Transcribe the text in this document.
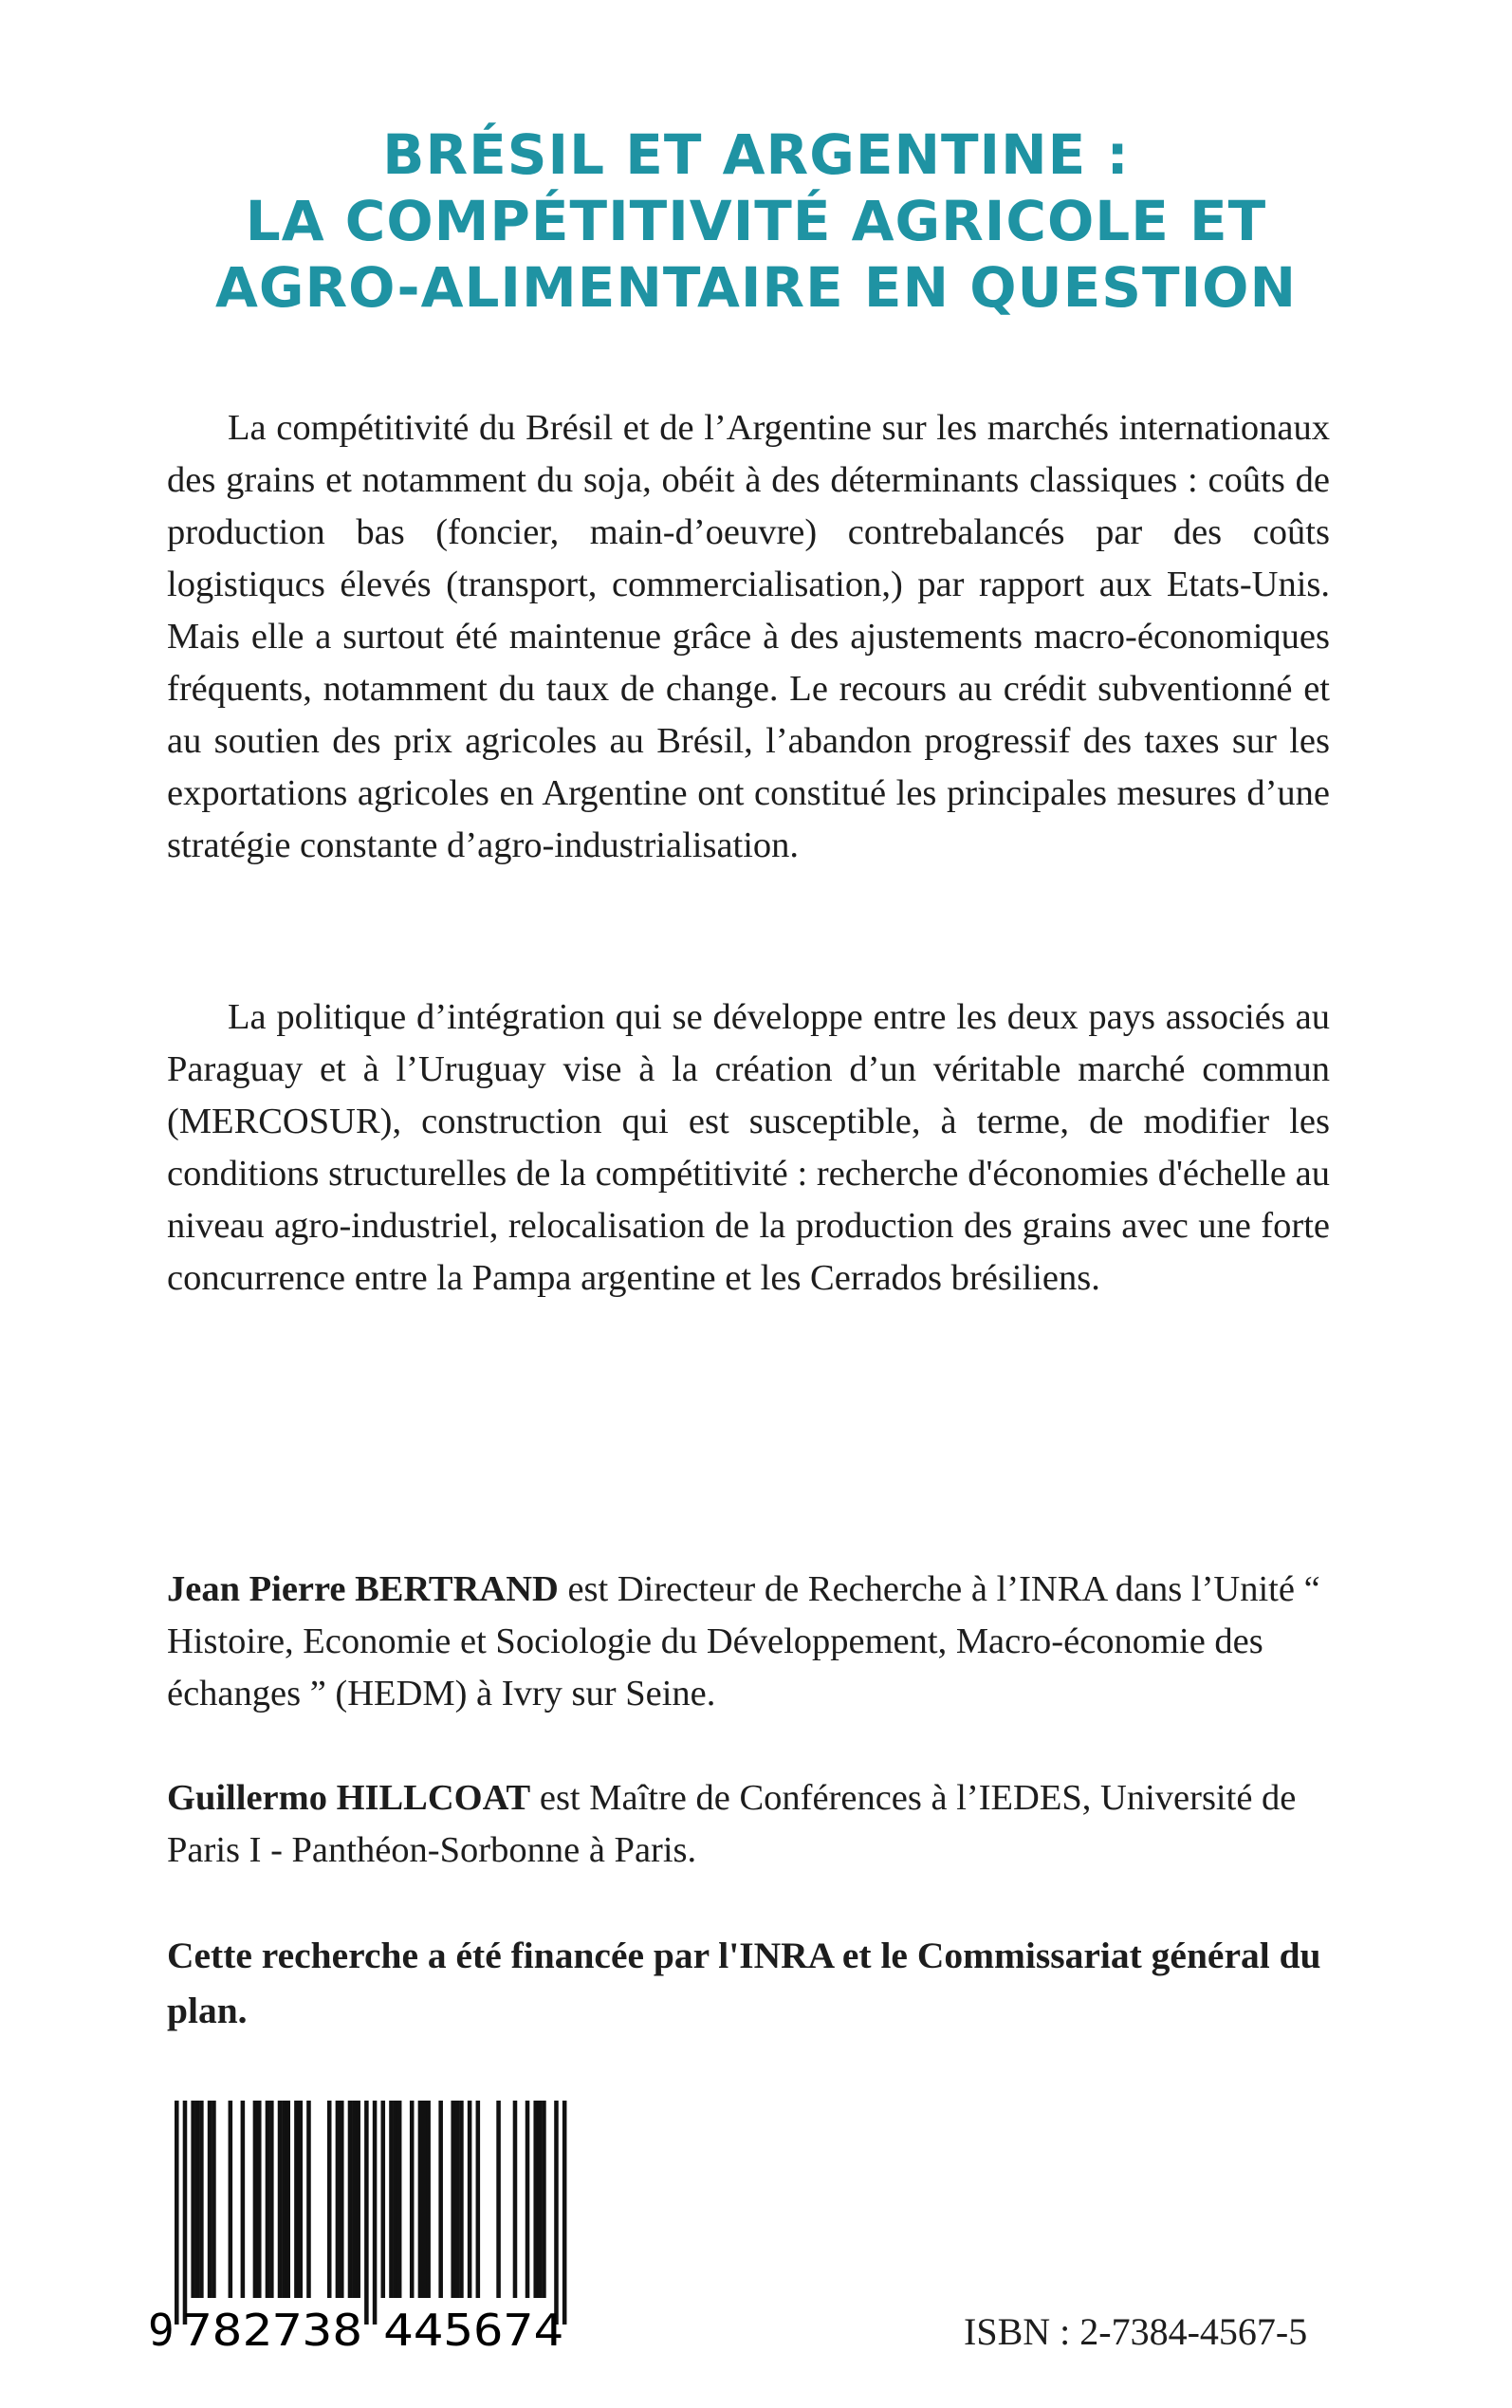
BRÉSIL ET ARGENTINE :
LA COMPÉTITIVITÉ AGRICOLE ET
AGRO-ALIMENTAIRE EN QUESTION

La compétitivité du Brésil et de l’Argentine sur les marchés internationaux des grains et notamment du soja, obéit à des déterminants classiques : coûts de production bas (foncier, main-d’oeuvre) contrebalancés par des coûts logistiqucs élevés (transport, commercialisation,) par rapport aux Etats-Unis. Mais elle a surtout été maintenue grâce à des ajustements macro-économiques fréquents, notamment du taux de change. Le recours au crédit subventionné et au soutien des prix agricoles au Brésil, l’abandon progressif des taxes sur les exportations agricoles en Argentine ont constitué les principales mesures d’une stratégie constante d’agro-industrialisation.

La politique d’intégration qui se développe entre les deux pays associés au Paraguay et à l’Uruguay vise à la création d’un véritable marché commun (MERCOSUR), construction qui est susceptible, à terme, de modifier les conditions structurelles de la compétitivité : recherche d'économies d'échelle au niveau agro-industriel, relocalisation de la production des grains avec une forte concurrence entre la Pampa argentine et les Cerrados brésiliens.

Jean Pierre BERTRAND est Directeur de Recherche à l’INRA dans l’Unité “ Histoire, Economie et Sociologie du Développement, Macro-économie des échanges ” (HEDM) à Ivry sur Seine.

Guillermo HILLCOAT est Maître de Conférences à l’IEDES, Université de Paris I - Panthéon-Sorbonne à Paris.

Cette recherche a été financée par l'INRA et le Commissariat général du plan.

9 782738 445674	ISBN : 2-7384-4567-5
